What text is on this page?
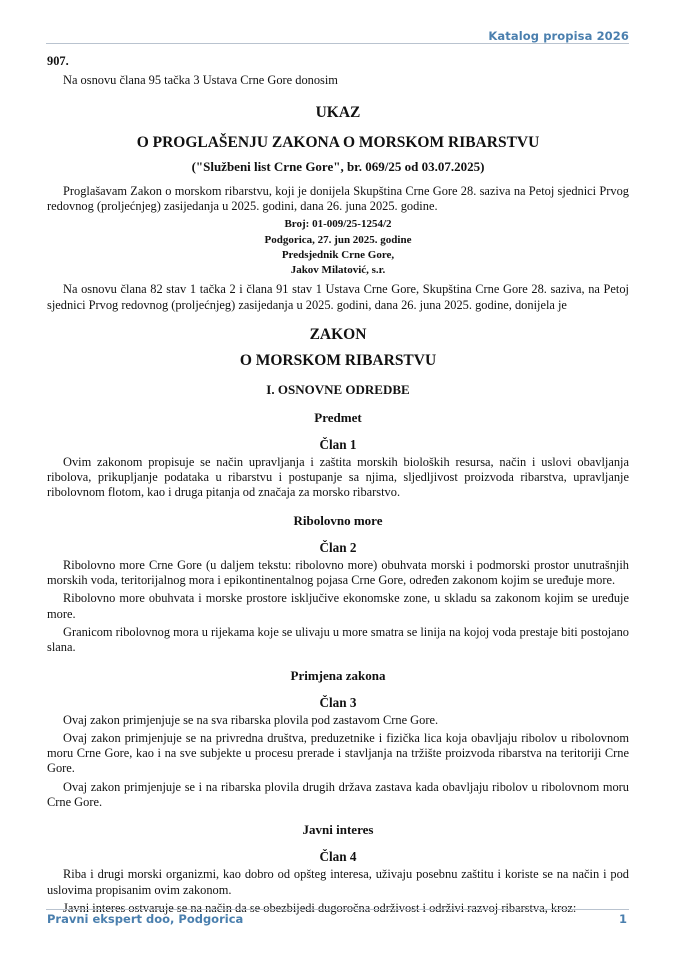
Katalog propisa 2026
907.

Na osnovu člana 95 tačka 3 Ustava Crne Gore donosim

UKAZ
O PROGLAŠENJU ZAKONA O MORSKOM RIBARSTVU
("Službeni list Crne Gore", br. 069/25 od 03.07.2025)

Proglašavam Zakon o morskom ribarstvu, koji je donijela Skupština Crne Gore 28. saziva na Petoj sjednici Prvog redovnog (proljećnjeg) zasijedanja u 2025. godini, dana 26. juna 2025. godine.

Broj: 01-009/25-1254/2
Podgorica, 27. jun 2025. godine
Predsjednik Crne Gore,
Jakov Milatović, s.r.

Na osnovu člana 82 stav 1 tačka 2 i člana 91 stav 1 Ustava Crne Gore, Skupština Crne Gore 28. saziva, na Petoj sjednici Prvog redovnog (proljećnjeg) zasijedanja u 2025. godini, dana 26. juna 2025. godine, donijela je

ZAKON
O MORSKOM RIBARSTVU
I. OSNOVNE ODREDBE
Predmet
Član 1

Ovim zakonom propisuje se način upravljanja i zaštita morskih bioloških resursa, način i uslovi obavljanja ribolova, prikupljanje podataka u ribarstvu i postupanje sa njima, sljedljivost proizvoda ribarstva, upravljanje ribolovnom flotom, kao i druga pitanja od značaja za morsko ribarstvo.

Ribolovno more
Član 2

Ribolovno more Crne Gore (u daljem tekstu: ribolovno more) obuhvata morski i podmorski prostor unutrašnjih morskih voda, teritorijalnog mora i epikontinentalnog pojasa Crne Gore, određen zakonom kojim se uređuje more.

Ribolovno more obuhvata i morske prostore isključive ekonomske zone, u skladu sa zakonom kojim se uređuje more.

Granicom ribolovnog mora u rijekama koje se ulivaju u more smatra se linija na kojoj voda prestaje biti postojano slana.

Primjena zakona
Član 3

Ovaj zakon primjenjuje se na sva ribarska plovila pod zastavom Crne Gore.

Ovaj zakon primjenjuje se na privredna društva, preduzetnike i fizička lica koja obavljaju ribolov u ribolovnom moru Crne Gore, kao i na sve subjekte u procesu prerade i stavljanja na tržište proizvoda ribarstva na teritoriji Crne Gore.

Ovaj zakon primjenjuje se i na ribarska plovila drugih država zastava kada obavljaju ribolov u ribolovnom moru Crne Gore.

Javni interes
Član 4

Riba i drugi morski organizmi, kao dobro od opšteg interesa, uživaju posebnu zaštitu i koriste se na način i pod uslovima propisanim ovim zakonom.

Javni interes ostvaruje se na način da se obezbijedi dugoročna održivost i održivi razvoj ribarstva, kroz:

Pravni ekspert doo, Podgorica	1
